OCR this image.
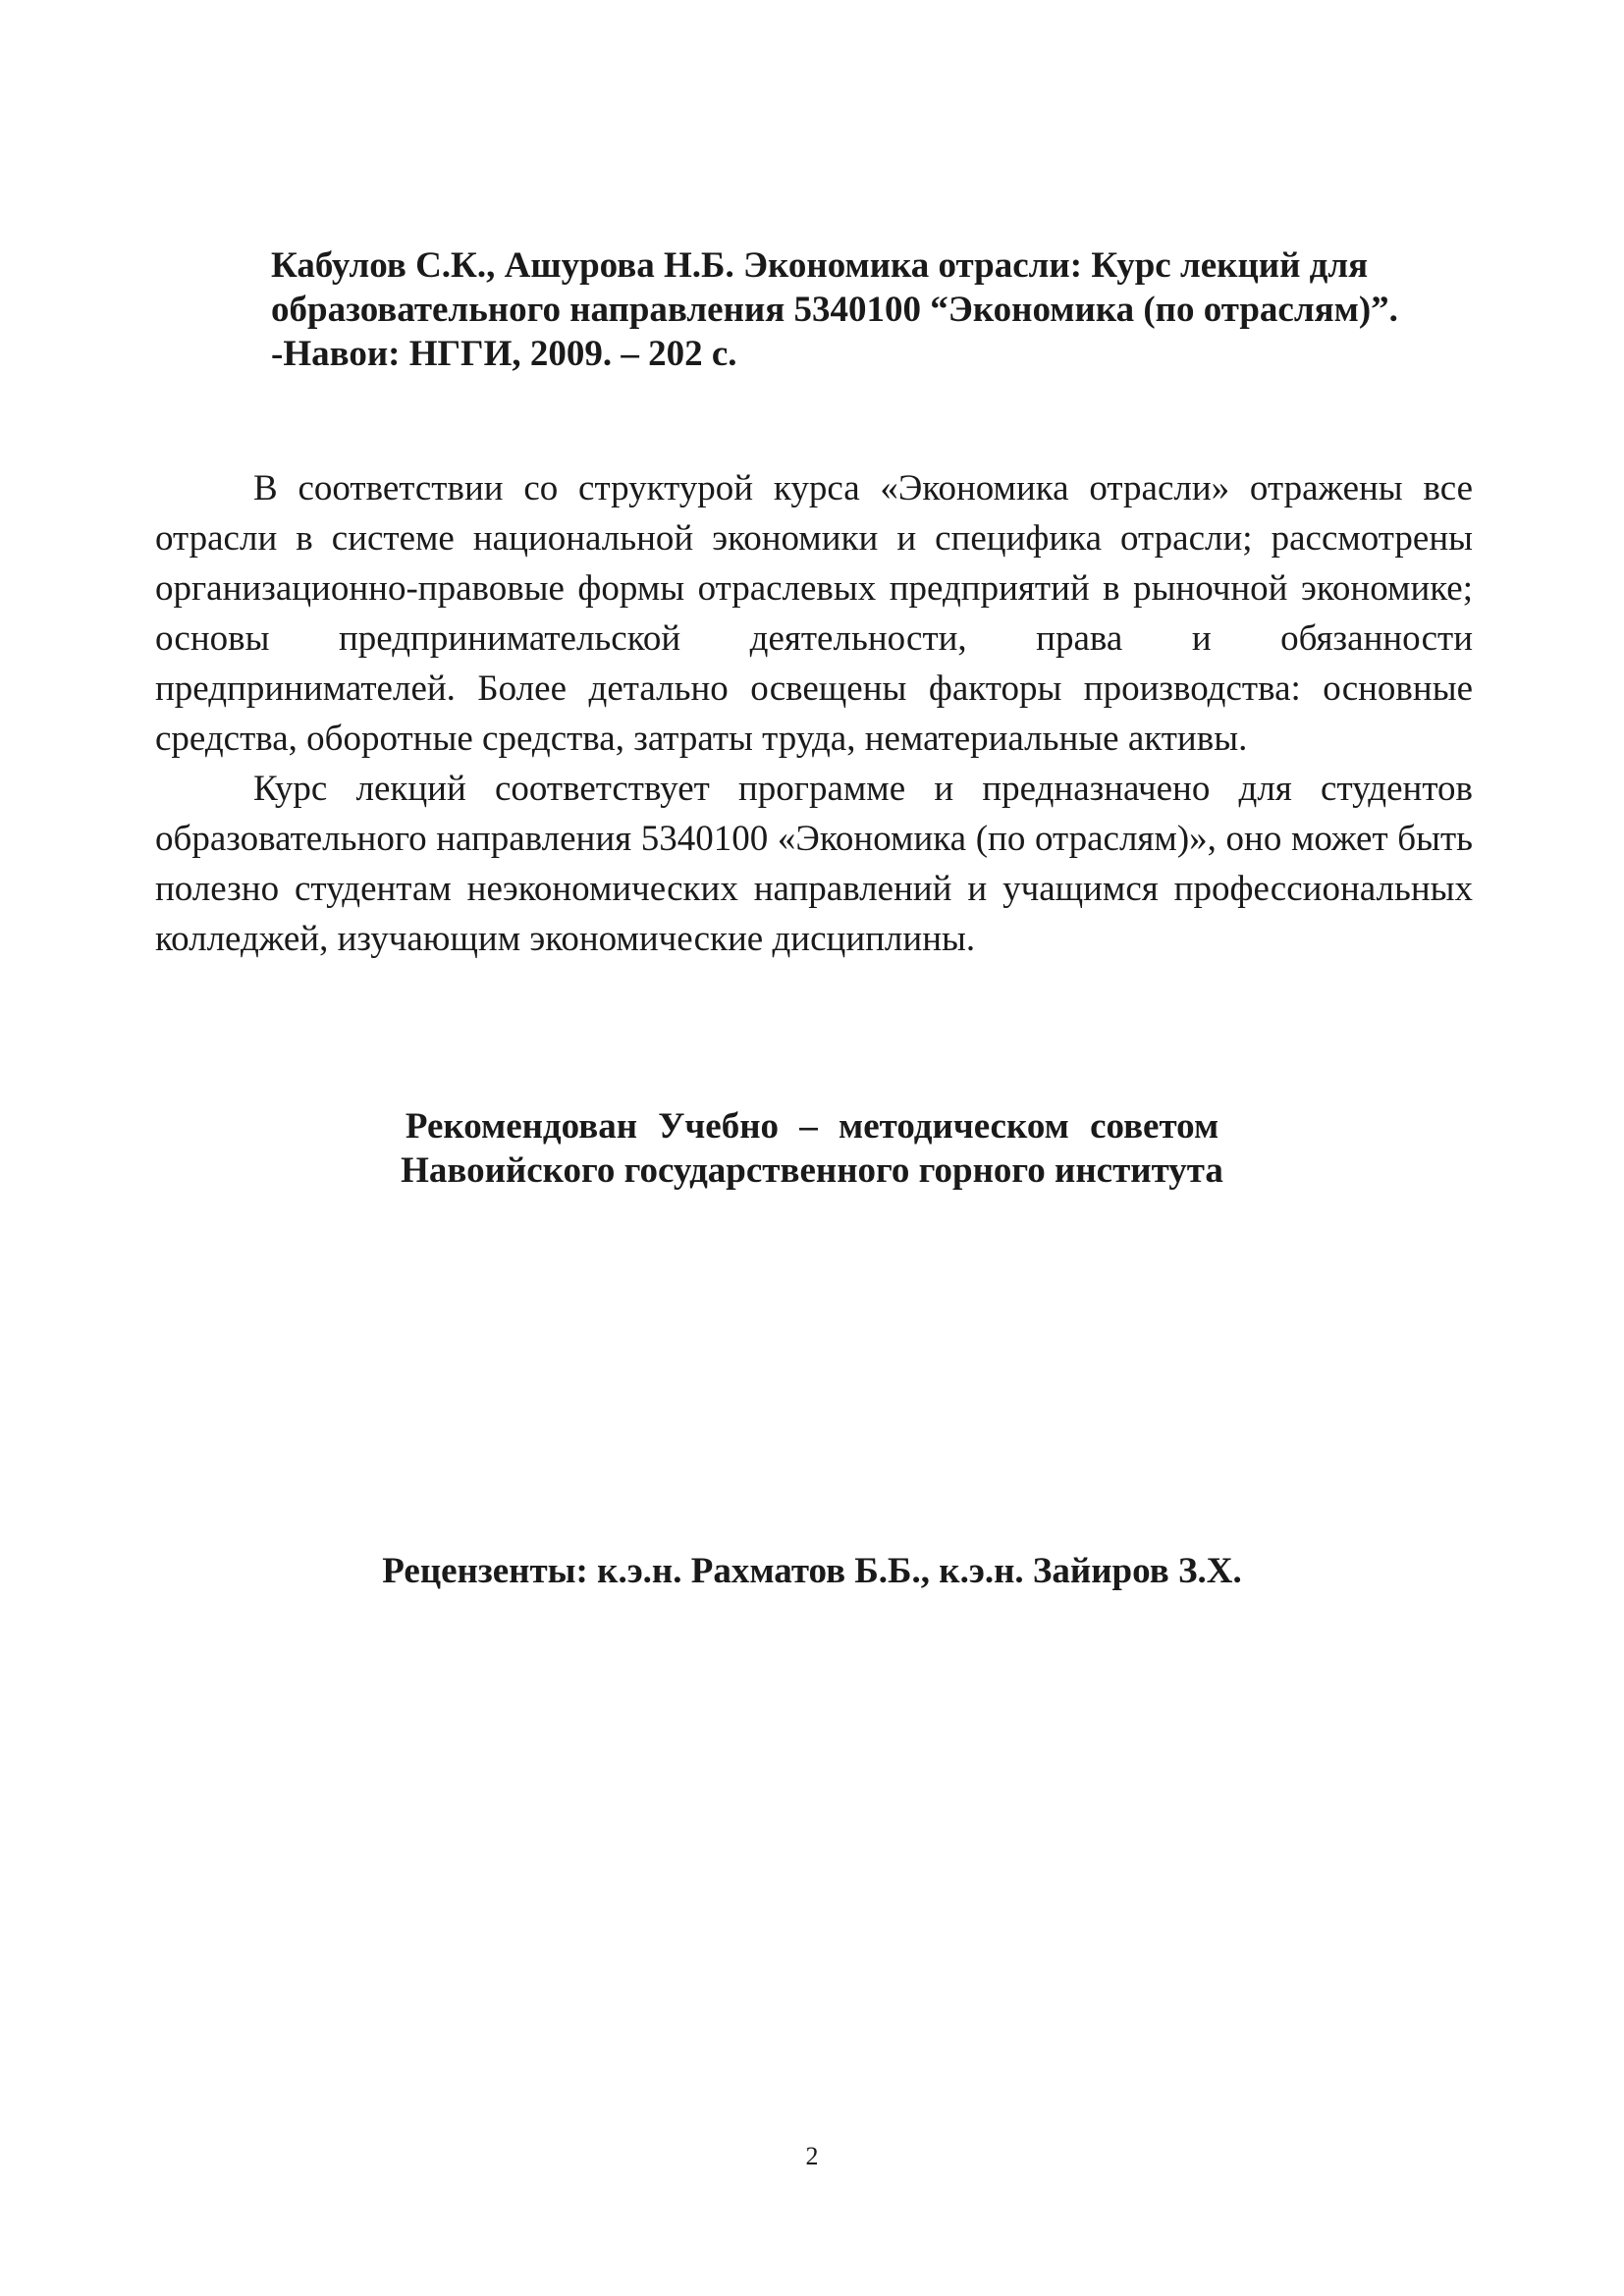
Кабулов С.К., Ашурова Н.Б. Экономика отрасли: Курс лекций для
образовательного направления 5340100 “Экономика (по отраслям)”.
-Навои: НГГИ, 2009. – 202 с.

В соответствии со структурой курса «Экономика отрасли» отражены все отрасли в системе национальной экономики и специфика отрасли; рассмотрены организационно-правовые формы отраслевых предприятий в рыночной экономике; основы предпринимательской деятельности, права и обязанности предпринимателей. Более детально освещены факторы производства: основные средства, оборотные средства, затраты труда, нематериальные активы.

Курс лекций соответствует программе и предназначено для студентов образовательного направления 5340100 «Экономика (по отраслям)», оно может быть полезно студентам неэкономических направлений и учащимся профессиональных колледжей, изучающим экономические дисциплины.

Рекомендован Учебно – методическом советом
Навоийского государственного горного института
Рецензенты: к.э.н. Рахматов Б.Б., к.э.н. Зайиров З.Х.
2
